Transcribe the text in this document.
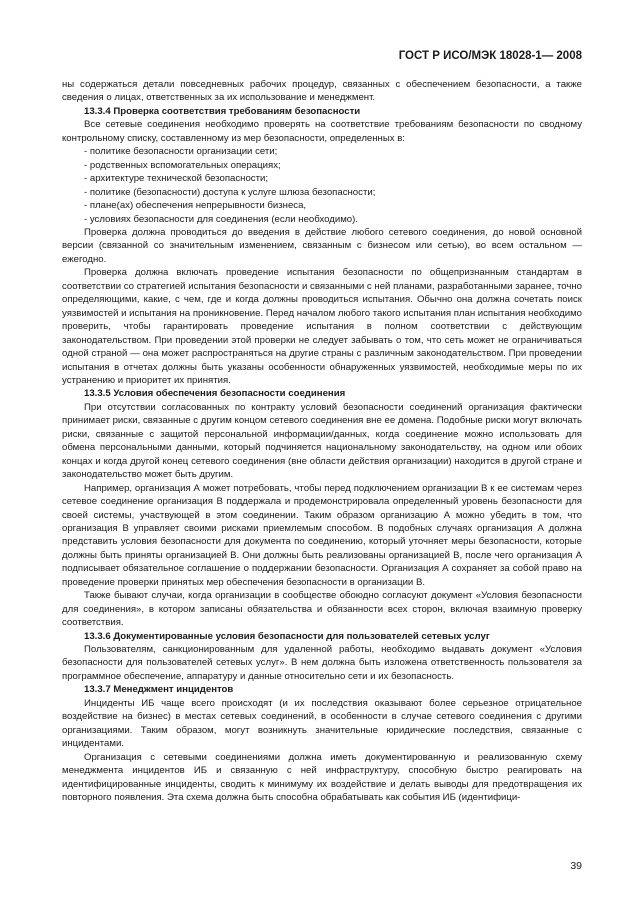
ГОСТ Р ИСО/МЭК 18028-1— 2008

ны содержаться детали повседневных рабочих процедур, связанных с обеспечением безопасности, а также сведения о лицах, ответственных за их использование и менеджмент.

13.3.4 Проверка соответствия требованиям безопасности

Все сетевые соединения необходимо проверять на соответствие требованиям безопасности по сводному контрольному списку, составленному из мер безопасности, определенных в:

- политике безопасности организации сети;

- родственных вспомогательных операциях;

- архитектуре технической безопасности;

- политике (безопасности) доступа к услуге шлюза безопасности;

- плане(ах) обеспечения непрерывности бизнеса,

- условиях безопасности для соединения (если необходимо).

Проверка должна проводиться до введения в действие любого сетевого соединения, до новой основной версии (связанной со значительным изменением, связанным с бизнесом или сетью), во всем остальном — ежегодно.

Проверка должна включать проведение испытания безопасности по общепризнанным стандартам в соответствии со стратегией испытания безопасности и связанными с ней планами, разработанными заранее, точно определяющими, какие, с чем, где и когда должны проводиться испытания. Обычно она должна сочетать поиск уязвимостей и испытания на проникновение. Перед началом любого такого испытания план испытания необходимо проверить, чтобы гарантировать проведение испытания в полном соответствии с действующим законодательством. При проведении этой проверки не следует забывать о том, что сеть может не ограничиваться одной страной — она может распространяться на другие страны с различным законодательством. При проведении испытания в отчетах должны быть указаны особенности обнаруженных уязвимостей, необходимые меры по их устранению и приоритет их принятия.

13.3.5 Условия обеспечения безопасности соединения

При отсутствии согласованных по контракту условий безопасности соединений организация фактически принимает риски, связанные с другим концом сетевого соединения вне ее домена. Подобные риски могут включать риски, связанные с защитой персональной информации/данных, когда соединение можно использовать для обмена персональными данными, который подчиняется национальному законодательству, на одном или обоих концах и когда другой конец сетевого соединения (вне области действия организации) находится в другой стране и законодательство может быть другим.

Например, организация А может потребовать, чтобы перед подключением организации В к ее системам через сетевое соединение организация В поддержала и продемонстрировала определенный уровень безопасности для своей системы, участвующей в этом соединении. Таким образом организацию А можно убедить в том, что организация В управляет своими рисками приемлемым способом. В подобных случаях организация А должна представить условия безопасности для документа по соединению, который уточняет меры безопасности, которые должны быть приняты организацией В. Они должны быть реализованы организацией В, после чего организация А подписывает обязательное соглашение о поддержании безопасности. Организация А сохраняет за собой право на проведение проверки принятых мер обеспечения безопасности в организации В.

Также бывают случаи, когда организации в сообществе обоюдно согласуют документ «Условия безопасности для соединения», в котором записаны обязательства и обязанности всех сторон, включая взаимную проверку соответствия.

13.3.6 Документированные условия безопасности для пользователей сетевых услуг

Пользователям, санкционированным для удаленной работы, необходимо выдавать документ «Условия безопасности для пользователей сетевых услуг». В нем должна быть изложена ответственность пользователя за программное обеспечение, аппаратуру и данные относительно сети и их безопасность.

13.3.7 Менеджмент инцидентов

Инциденты ИБ чаще всего происходят (и их последствия оказывают более серьезное отрицательное воздействие на бизнес) в местах сетевых соединений, в особенности в случае сетевого соединения с другими организациями. Таким образом, могут возникнуть значительные юридические последствия, связанные с инцидентами.

Организация с сетевыми соединениями должна иметь документированную и реализованную схему менеджмента инцидентов ИБ и связанную с ней инфраструктуру, способную быстро реагировать на идентифицированные инциденты, сводить к минимуму их воздействие и делать выводы для предотвращения их повторного появления. Эта схема должна быть способна обрабатывать как события ИБ (идентифици-

39
